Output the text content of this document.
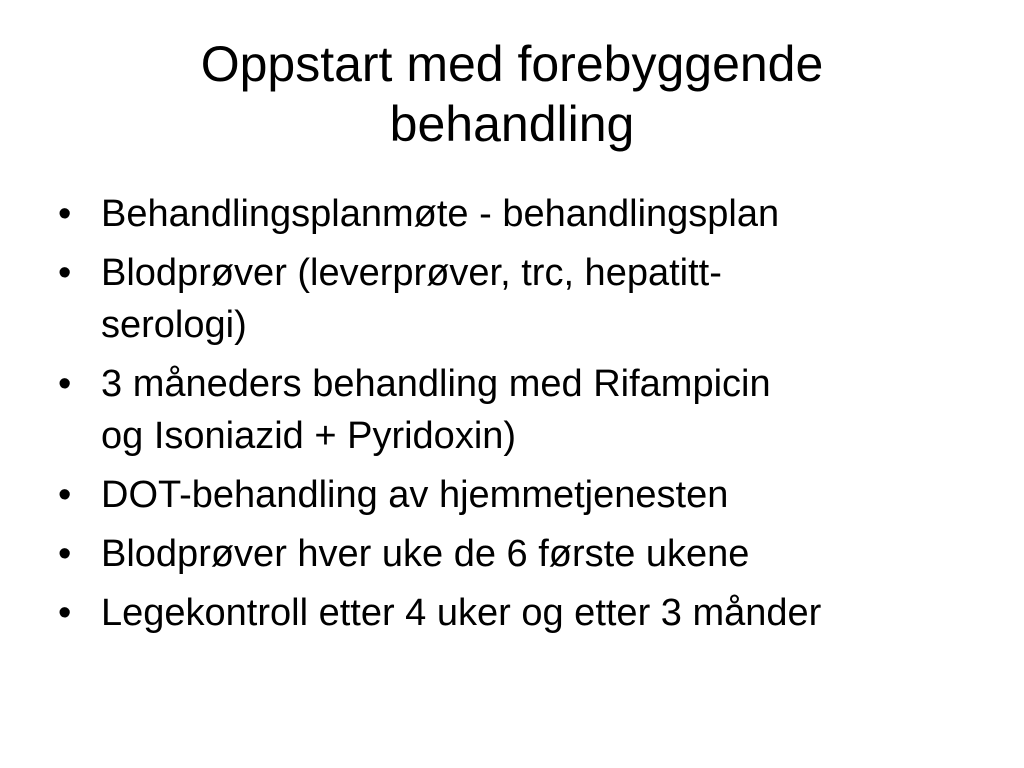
Oppstart med forebyggende
behandling
• Behandlingsplanmøte - behandlingsplan
• Blodprøver (leverprøver, trc, hepatitt-
serologi)
• 3 måneders behandling med Rifampicin
og Isoniazid + Pyridoxin)
• DOT-behandling av hjemmetjenesten
• Blodprøver hver uke de 6 første ukene
• Legekontroll etter 4 uker og etter 3 månder
